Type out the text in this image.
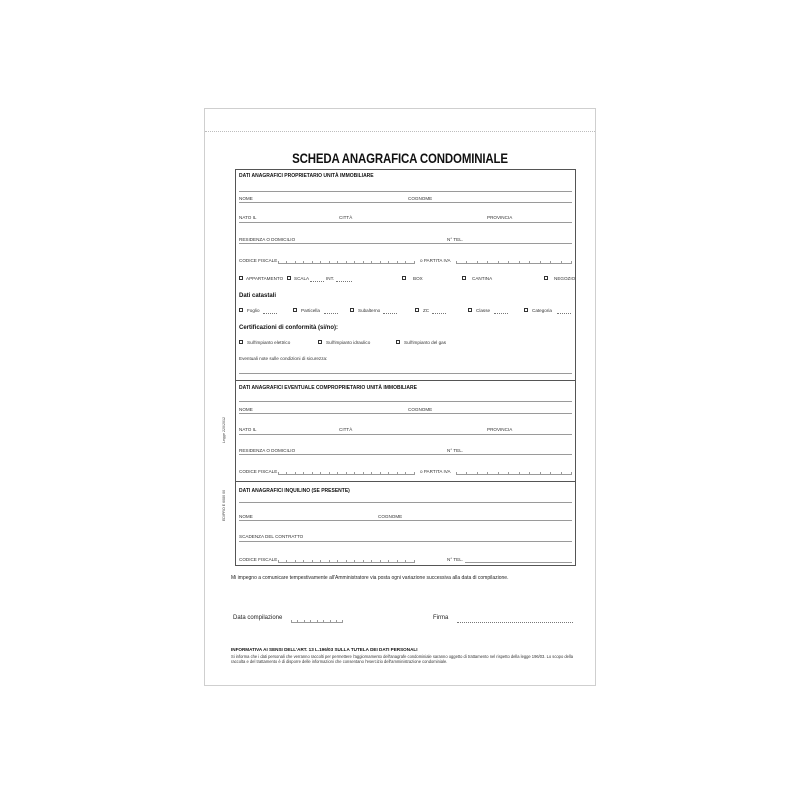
SCHEDA ANAGRAFICA CONDOMINIALE
Legge 220/2012
EDIPRO E 6080 00
DATI ANAGRAFICI PROPRIETARIO UNITÀ IMMOBILIARE
NOME	COGNOME
NATO IL	CITTÀ	PROVINCIA
RESIDENZA O DOMICILIO	N° TEL.
CODICE FISCALE	o PARTITA IVA
APPARTAMENTO SCALA	INT.	BOX	CANTINA	NEGOZIO
Dati catastali
Foglio	Particella	Subalterno	ZC	Classe	Categoria
Certificazioni di conformità (si/no):
Sull'impianto elettrico	Sull'impianto idraulico	Sull'impianto del gas
Eventuali note sulle condizioni di sicurezza:
DATI ANAGRAFICI EVENTUALE COMPROPRIETARIO UNITÀ IMMOBILIARE
NOME	COGNOME
NATO IL	CITTÀ	PROVINCIA
RESIDENZA O DOMICILIO	N° TEL.
CODICE FISCALE	o PARTITA IVA
DATI ANAGRAFICI INQUILINO (SE PRESENTE)
NOME	COGNOME
SCADENZA DEL CONTRATTO
CODICE FISCALE	N° TEL.
Mi impegno a comunicare tempestivamente all'Amministratore via posta ogni variazione successiva alla data di compilazione.
Data compilazione	Firma
INFORMATIVA AI SENSI DELL'ART. 13 L.196/03 SULLA TUTELA DEI DATI PERSONALI
Si informa che i dati personali che verranno raccolti per permettere l'aggiornamento dell'anagrafe condominiale saranno oggetto di trattamento nel rispetto della legge 196/03. Lo scopo della raccolta e del trattamento è di disporre delle informazioni che consentano l'esercizio dell'amministrazione condominiale.
